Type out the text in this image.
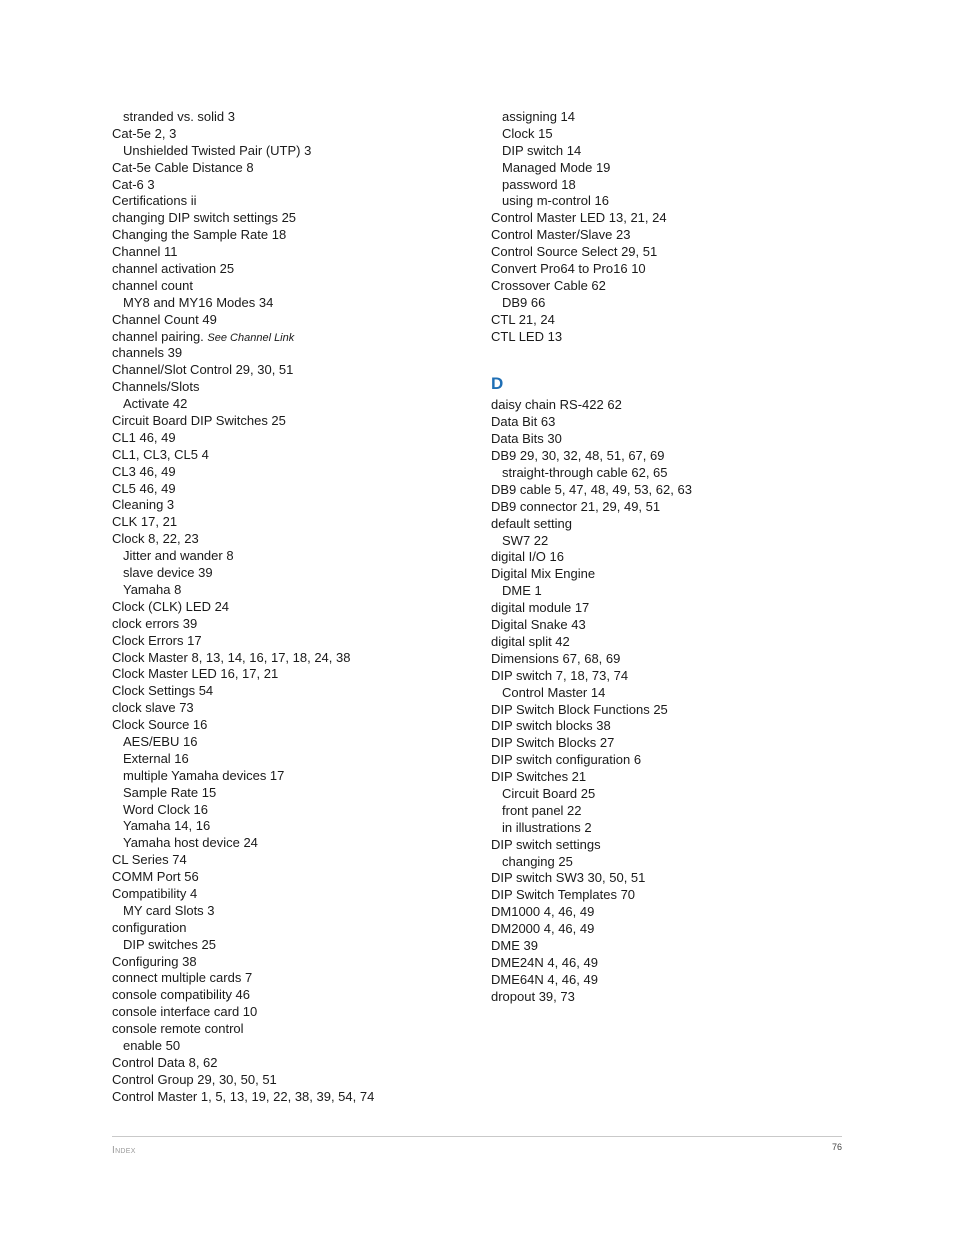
stranded vs. solid 3
Cat-5e 2, 3
Unshielded Twisted Pair (UTP) 3
Cat-5e Cable Distance 8
Cat-6 3
Certifications ii
changing DIP switch settings 25
Changing the Sample Rate 18
Channel 11
channel activation 25
channel count
MY8 and MY16 Modes 34
Channel Count 49
channel pairing. See Channel Link
channels 39
Channel/Slot Control 29, 30, 51
Channels/Slots
Activate 42
Circuit Board DIP Switches 25
CL1 46, 49
CL1, CL3, CL5 4
CL3 46, 49
CL5 46, 49
Cleaning 3
CLK 17, 21
Clock 8, 22, 23
Jitter and wander 8
slave device 39
Yamaha 8
Clock (CLK) LED 24
clock errors 39
Clock Errors 17
Clock Master 8, 13, 14, 16, 17, 18, 24, 38
Clock Master LED 16, 17, 21
Clock Settings 54
clock slave 73
Clock Source 16
AES/EBU 16
External 16
multiple Yamaha devices 17
Sample Rate 15
Word Clock 16
Yamaha 14, 16
Yamaha host device 24
CL Series 74
COMM Port 56
Compatibility 4
MY card Slots 3
configuration
DIP switches 25
Configuring 38
connect multiple cards 7
console compatibility 46
console interface card 10
console remote control
enable 50
Control Data 8, 62
Control Group 29, 30, 50, 51
Control Master 1, 5, 13, 19, 22, 38, 39, 54, 74
assigning 14
Clock 15
DIP switch 14
Managed Mode 19
password 18
using m-control 16
Control Master LED 13, 21, 24
Control Master/Slave 23
Control Source Select 29, 51
Convert Pro64 to Pro16 10
Crossover Cable 62
DB9 66
CTL 21, 24
CTL LED 13
D
daisy chain RS-422 62
Data Bit 63
Data Bits 30
DB9 29, 30, 32, 48, 51, 67, 69
straight-through cable 62, 65
DB9 cable 5, 47, 48, 49, 53, 62, 63
DB9 connector 21, 29, 49, 51
default setting
SW7 22
digital I/O 16
Digital Mix Engine
DME 1
digital module 17
Digital Snake 43
digital split 42
Dimensions 67, 68, 69
DIP switch 7, 18, 73, 74
Control Master 14
DIP Switch Block Functions 25
DIP switch blocks 38
DIP Switch Blocks 27
DIP switch configuration 6
DIP Switches 21
Circuit Board 25
front panel 22
in illustrations 2
DIP switch settings
changing 25
DIP switch SW3 30, 50, 51
DIP Switch Templates 70
DM1000 4, 46, 49
DM2000 4, 46, 49
DME 39
DME24N 4, 46, 49
DME64N 4, 46, 49
dropout 39, 73
Index	76
